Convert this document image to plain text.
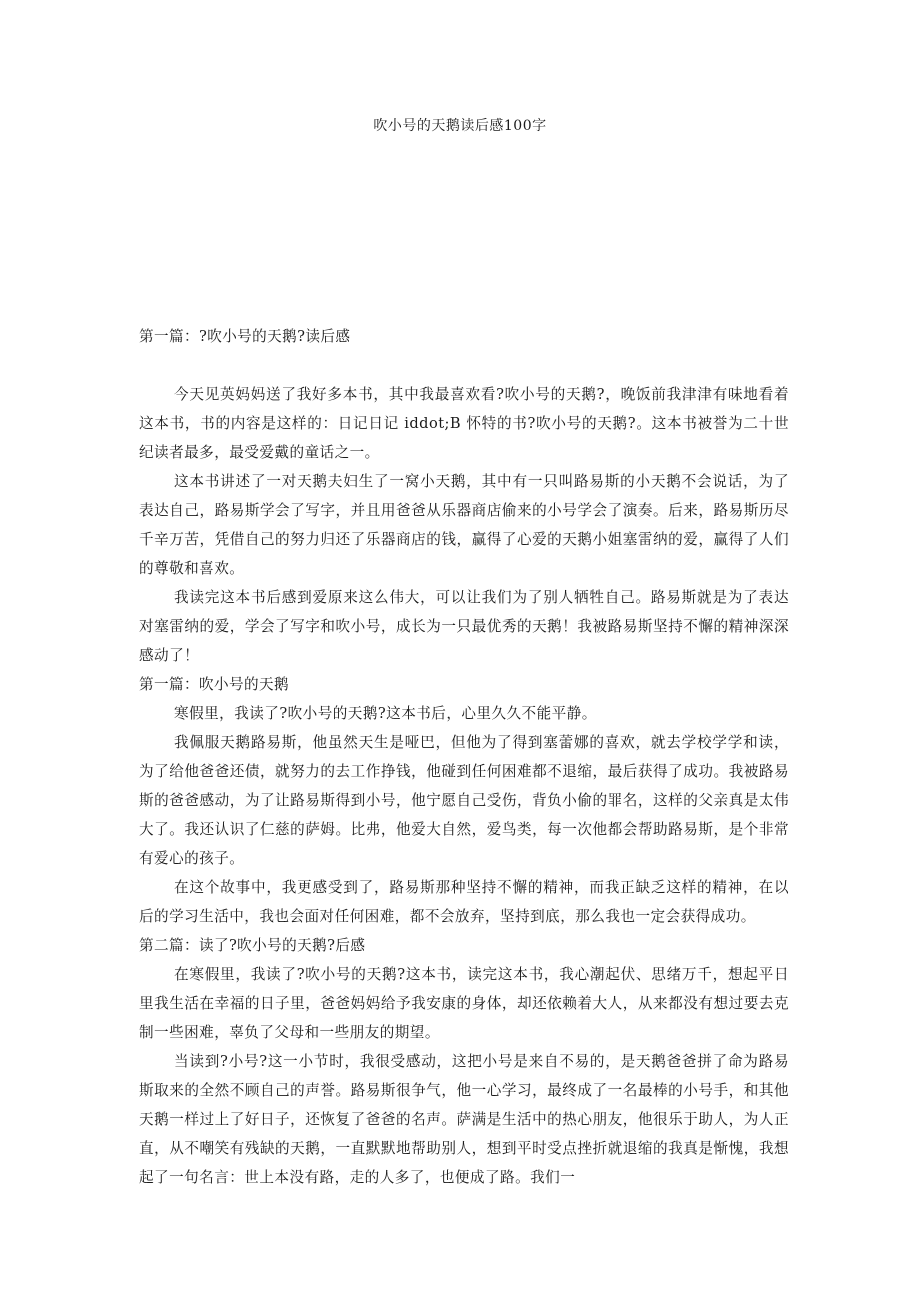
吹小号的天鹅读后感100字

第一篇：?吹小号的天鹅?读后感

今天见英妈妈送了我好多本书，其中我最喜欢看?吹小号的天鹅?，晚饭前我津津有味地看着这本书，书的内容是这样的：日记日记 iddot;B 怀特的书?吹小号的天鹅?。这本书被誉为二十世纪读者最多，最受爱戴的童话之一。

这本书讲述了一对天鹅夫妇生了一窝小天鹅，其中有一只叫路易斯的小天鹅不会说话，为了表达自己，路易斯学会了写字，并且用爸爸从乐器商店偷来的小号学会了演奏。后来，路易斯历尽千辛万苦，凭借自己的努力归还了乐器商店的钱，赢得了心爱的天鹅小姐塞雷纳的爱，赢得了人们的尊敬和喜欢。

我读完这本书后感到爱原来这么伟大，可以让我们为了别人牺牲自己。路易斯就是为了表达对塞雷纳的爱，学会了写字和吹小号，成长为一只最优秀的天鹅！我被路易斯坚持不懈的精神深深感动了！

第一篇：吹小号的天鹅

寒假里，我读了?吹小号的天鹅?这本书后，心里久久不能平静。

我佩服天鹅路易斯，他虽然天生是哑巴，但他为了得到塞蕾娜的喜欢，就去学校学学和读，为了给他爸爸还债，就努力的去工作挣钱，他碰到任何困难都不退缩，最后获得了成功。我被路易斯的爸爸感动，为了让路易斯得到小号，他宁愿自己受伤，背负小偷的罪名，这样的父亲真是太伟大了。我还认识了仁慈的萨姆。比弗，他爱大自然，爱鸟类，每一次他都会帮助路易斯，是个非常有爱心的孩子。

在这个故事中，我更感受到了，路易斯那种坚持不懈的精神，而我正缺乏这样的精神，在以后的学习生活中，我也会面对任何困难，都不会放弃，坚持到底，那么我也一定会获得成功。

第二篇：读了?吹小号的天鹅?后感

在寒假里，我读了?吹小号的天鹅?这本书，读完这本书，我心潮起伏、思绪万千，想起平日里我生活在幸福的日子里，爸爸妈妈给予我安康的身体，却还依赖着大人，从来都没有想过要去克制一些困难，辜负了父母和一些朋友的期望。

当读到?小号?这一小节时，我很受感动，这把小号是来自不易的，是天鹅爸爸拼了命为路易斯取来的全然不顾自己的声誉。路易斯很争气，他一心学习，最终成了一名最棒的小号手，和其他天鹅一样过上了好日子，还恢复了爸爸的名声。萨满是生活中的热心朋友，他很乐于助人，为人正直，从不嘲笑有残缺的天鹅，一直默默地帮助别人，想到平时受点挫折就退缩的我真是惭愧，我想起了一句名言：世上本没有路，走的人多了，也便成了路。我们一
